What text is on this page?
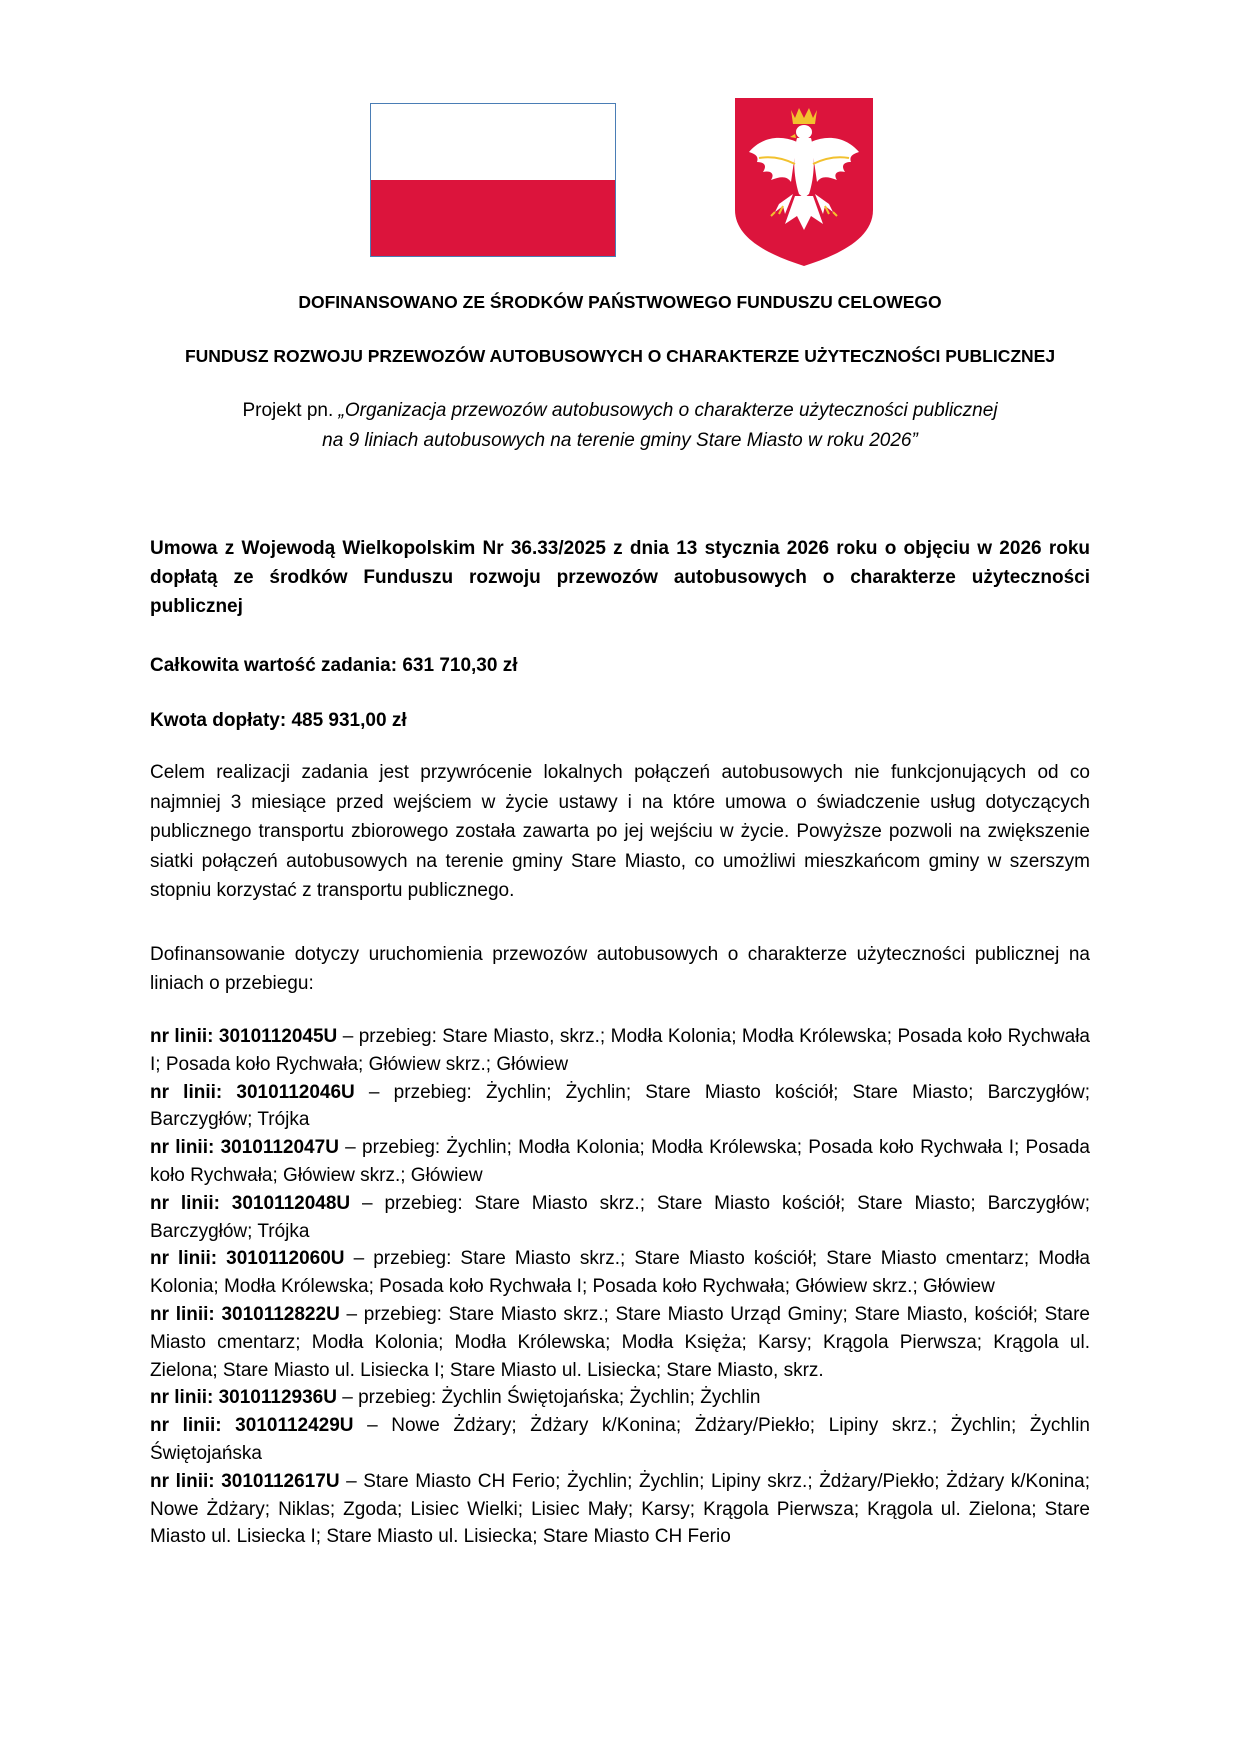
DOFINANSOWANO ZE ŚRODKÓW PAŃSTWOWEGO FUNDUSZU CELOWEGO
FUNDUSZ ROZWOJU PRZEWOZÓW AUTOBUSOWYCH O CHARAKTERZE UŻYTECZNOŚCI PUBLICZNEJ
Projekt pn. „Organizacja przewozów autobusowych o charakterze użyteczności publicznej
na 9 liniach autobusowych na terenie gminy Stare Miasto w roku 2026”
Umowa z Wojewodą Wielkopolskim Nr 36.33/2025 z dnia 13 stycznia 2026 roku o objęciu w 2026 roku dopłatą ze środków Funduszu rozwoju przewozów autobusowych o charakterze użyteczności publicznej
Całkowita wartość zadania: 631 710,30 zł
Kwota dopłaty: 485 931,00 zł
Celem realizacji zadania jest przywrócenie lokalnych połączeń autobusowych nie funkcjonujących od co najmniej 3 miesiące przed wejściem w życie ustawy i na które umowa o świadczenie usług dotyczących publicznego transportu zbiorowego została zawarta po jej wejściu w życie. Powyższe pozwoli na zwiększenie siatki połączeń autobusowych na terenie gminy Stare Miasto, co umożliwi mieszkańcom gminy w szerszym stopniu korzystać z transportu publicznego.
Dofinansowanie dotyczy uruchomienia przewozów autobusowych o charakterze użyteczności publicznej na liniach o przebiegu:
nr linii: 3010112045U – przebieg: Stare Miasto, skrz.; Modła Kolonia; Modła Królewska; Posada koło Rychwała I; Posada koło Rychwała; Główiew skrz.; Główiew
nr linii: 3010112046U – przebieg: Żychlin; Żychlin; Stare Miasto kościół; Stare Miasto; Barczygłów; Barczygłów; Trójka
nr linii: 3010112047U – przebieg: Żychlin; Modła Kolonia; Modła Królewska; Posada koło Rychwała I; Posada koło Rychwała; Główiew skrz.; Główiew
nr linii: 3010112048U – przebieg: Stare Miasto skrz.; Stare Miasto kościół; Stare Miasto; Barczygłów; Barczygłów; Trójka
nr linii: 3010112060U – przebieg: Stare Miasto skrz.; Stare Miasto kościół; Stare Miasto cmentarz; Modła Kolonia; Modła Królewska; Posada koło Rychwała I; Posada koło Rychwała; Główiew skrz.; Główiew
nr linii: 3010112822U – przebieg: Stare Miasto skrz.; Stare Miasto Urząd Gminy; Stare Miasto, kościół; Stare Miasto cmentarz; Modła Kolonia; Modła Królewska; Modła Księża; Karsy; Krągola Pierwsza; Krągola ul. Zielona; Stare Miasto ul. Lisiecka I; Stare Miasto ul. Lisiecka; Stare Miasto, skrz.
nr linii: 3010112936U – przebieg: Żychlin Świętojańska; Żychlin; Żychlin
nr linii: 3010112429U – Nowe Żdżary; Żdżary k/Konina; Żdżary/Piekło; Lipiny skrz.; Żychlin; Żychlin Świętojańska
nr linii: 3010112617U – Stare Miasto CH Ferio; Żychlin; Żychlin; Lipiny skrz.; Żdżary/Piekło; Żdżary k/Konina; Nowe Żdżary; Niklas; Zgoda; Lisiec Wielki; Lisiec Mały; Karsy; Krągola Pierwsza; Krągola ul. Zielona; Stare Miasto ul. Lisiecka I; Stare Miasto ul. Lisiecka; Stare Miasto CH Ferio
